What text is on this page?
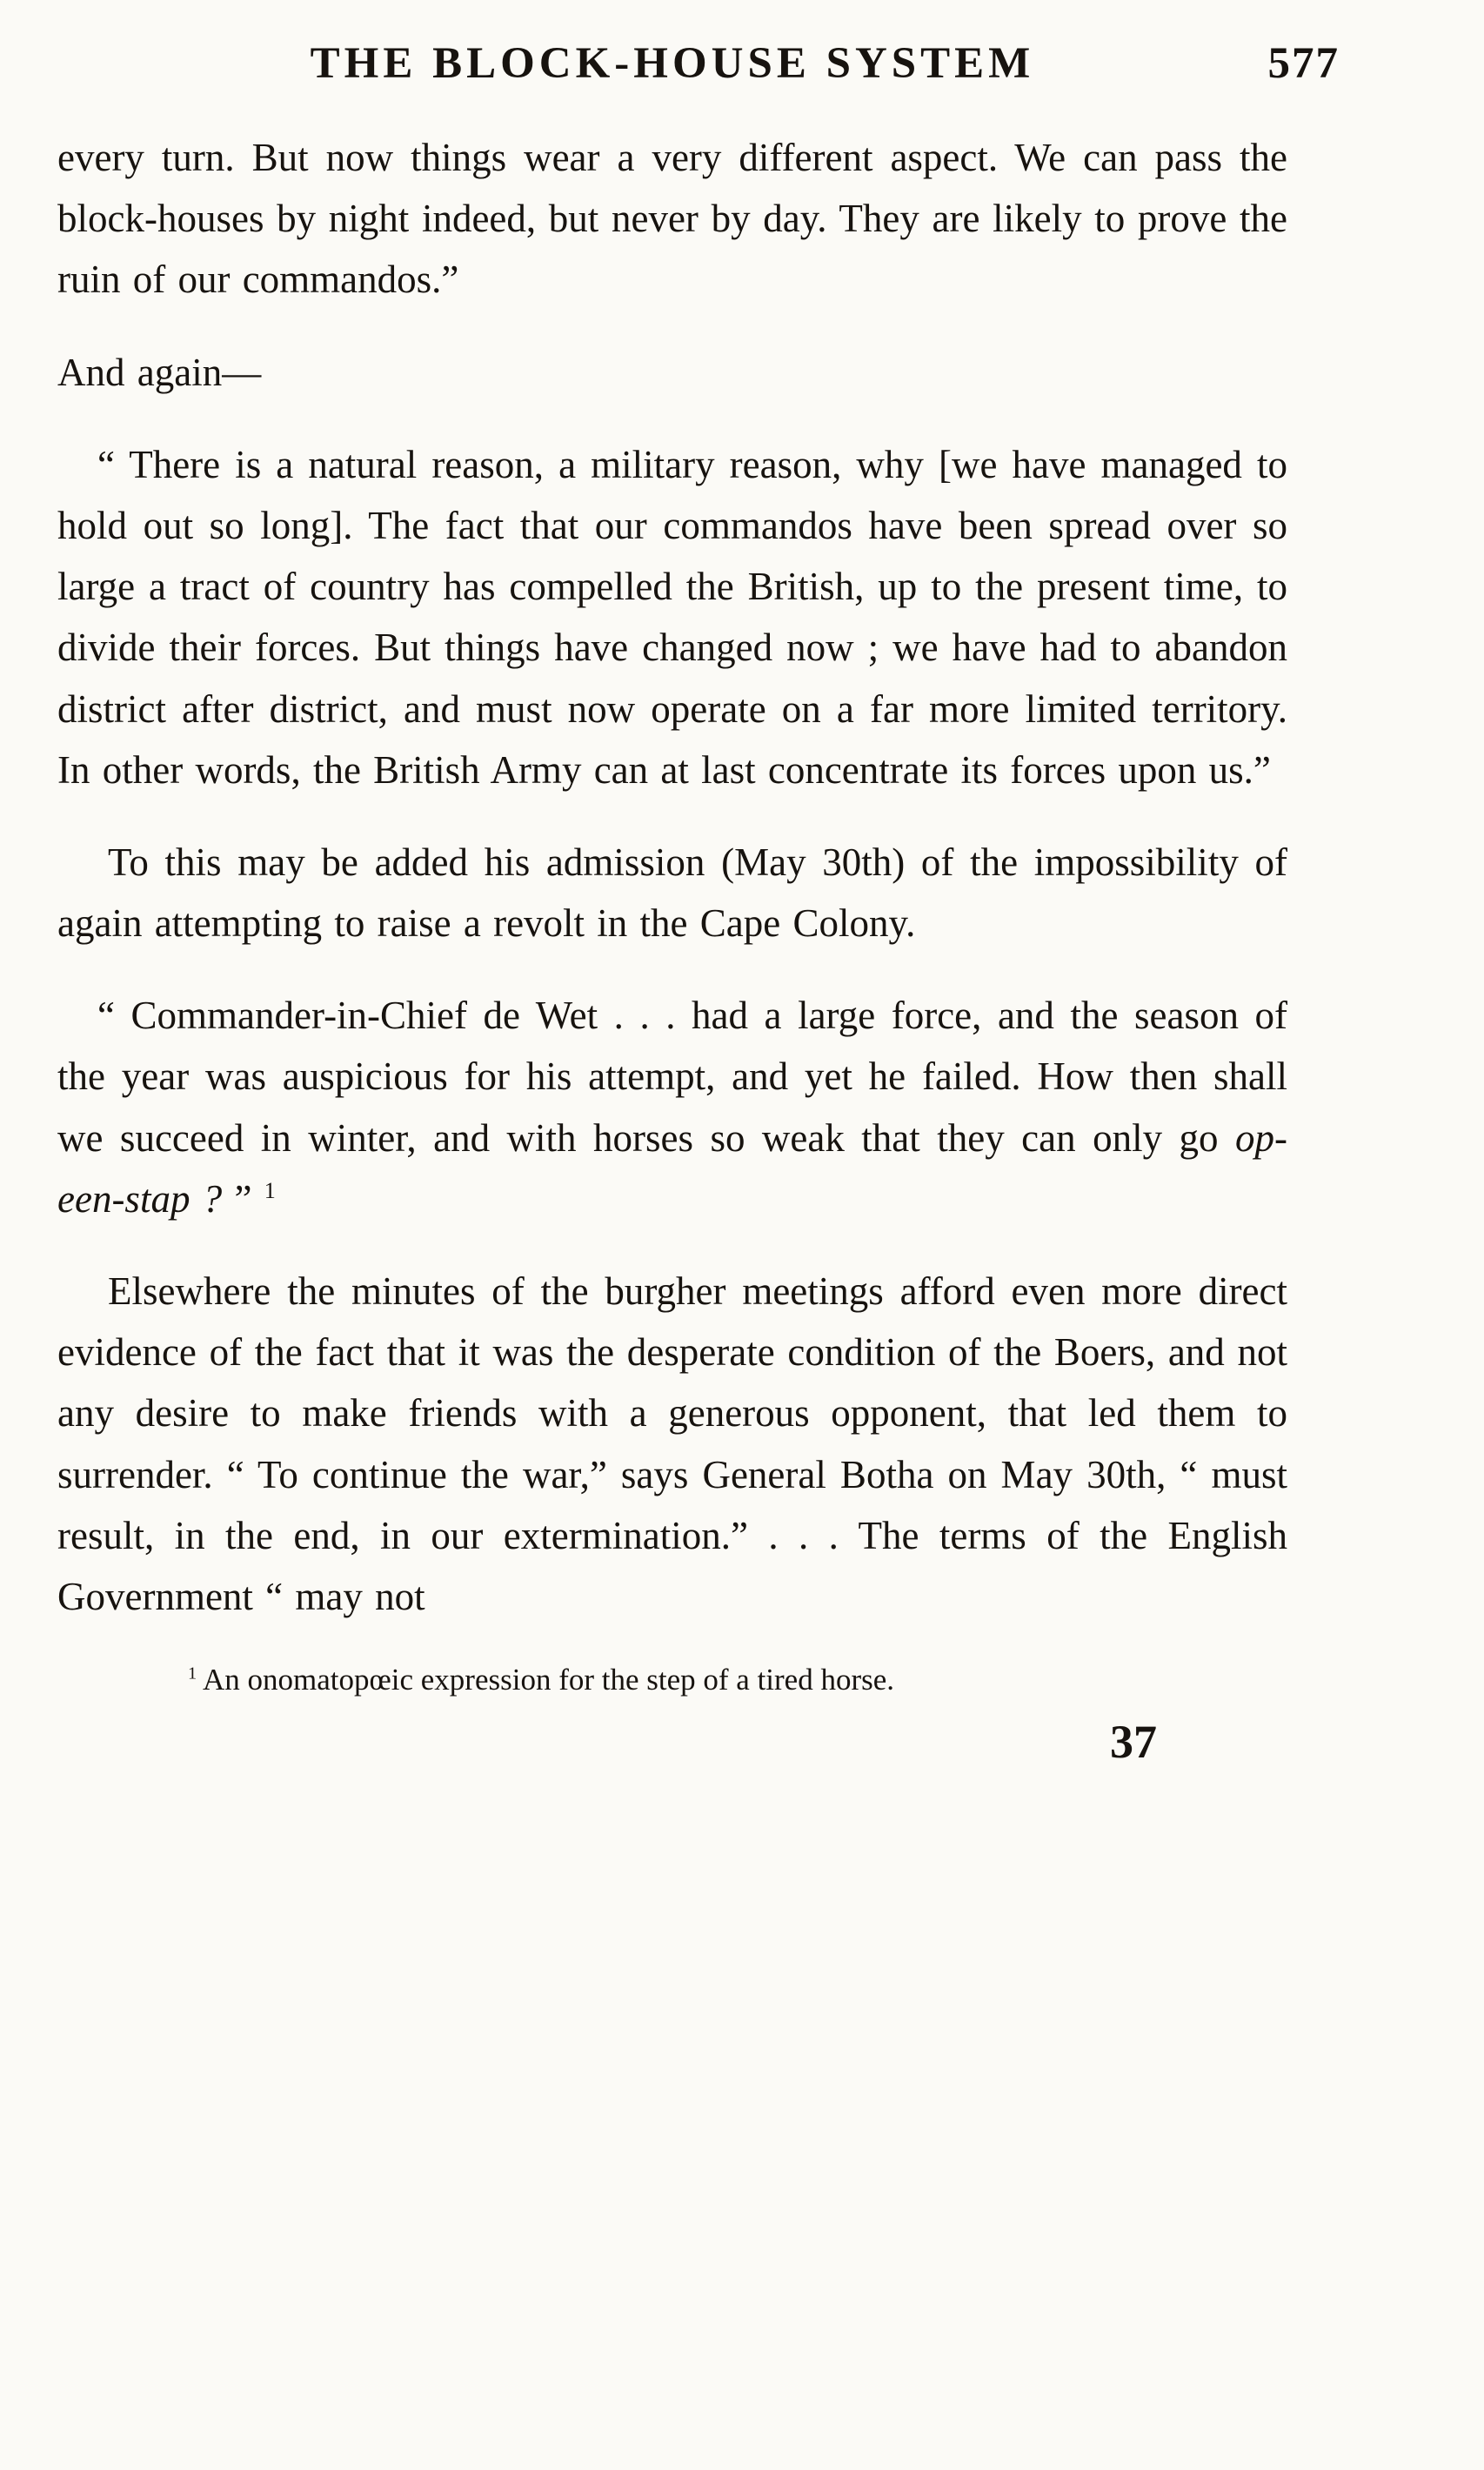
THE BLOCK-HOUSE SYSTEM	577

every turn. But now things wear a very different aspect. We can pass the block-houses by night indeed, but never by day. They are likely to prove the ruin of our commandos.”

And again—

“ There is a natural reason, a military reason, why [we have managed to hold out so long]. The fact that our commandos have been spread over so large a tract of country has compelled the British, up to the present time, to divide their forces. But things have changed now ; we have had to abandon district after district, and must now operate on a far more limited territory. In other words, the British Army can at last concentrate its forces upon us.”

To this may be added his admission (May 30th) of the impossibility of again attempting to raise a revolt in the Cape Colony.

“ Commander-in-Chief de Wet . . . had a large force, and the season of the year was auspicious for his attempt, and yet he failed. How then shall we succeed in winter, and with horses so weak that they can only go op-een-stap ? ” $^1$

Elsewhere the minutes of the burgher meetings afford even more direct evidence of the fact that it was the desperate condition of the Boers, and not any desire to make friends with a generous opponent, that led them to surrender. “ To continue the war,” says General Botha on May 30th, “ must result, in the end, in our extermination.” . . . The terms of the English Government “ may not

$^1$ An onomatopœic expression for the step of a tired horse.

37
